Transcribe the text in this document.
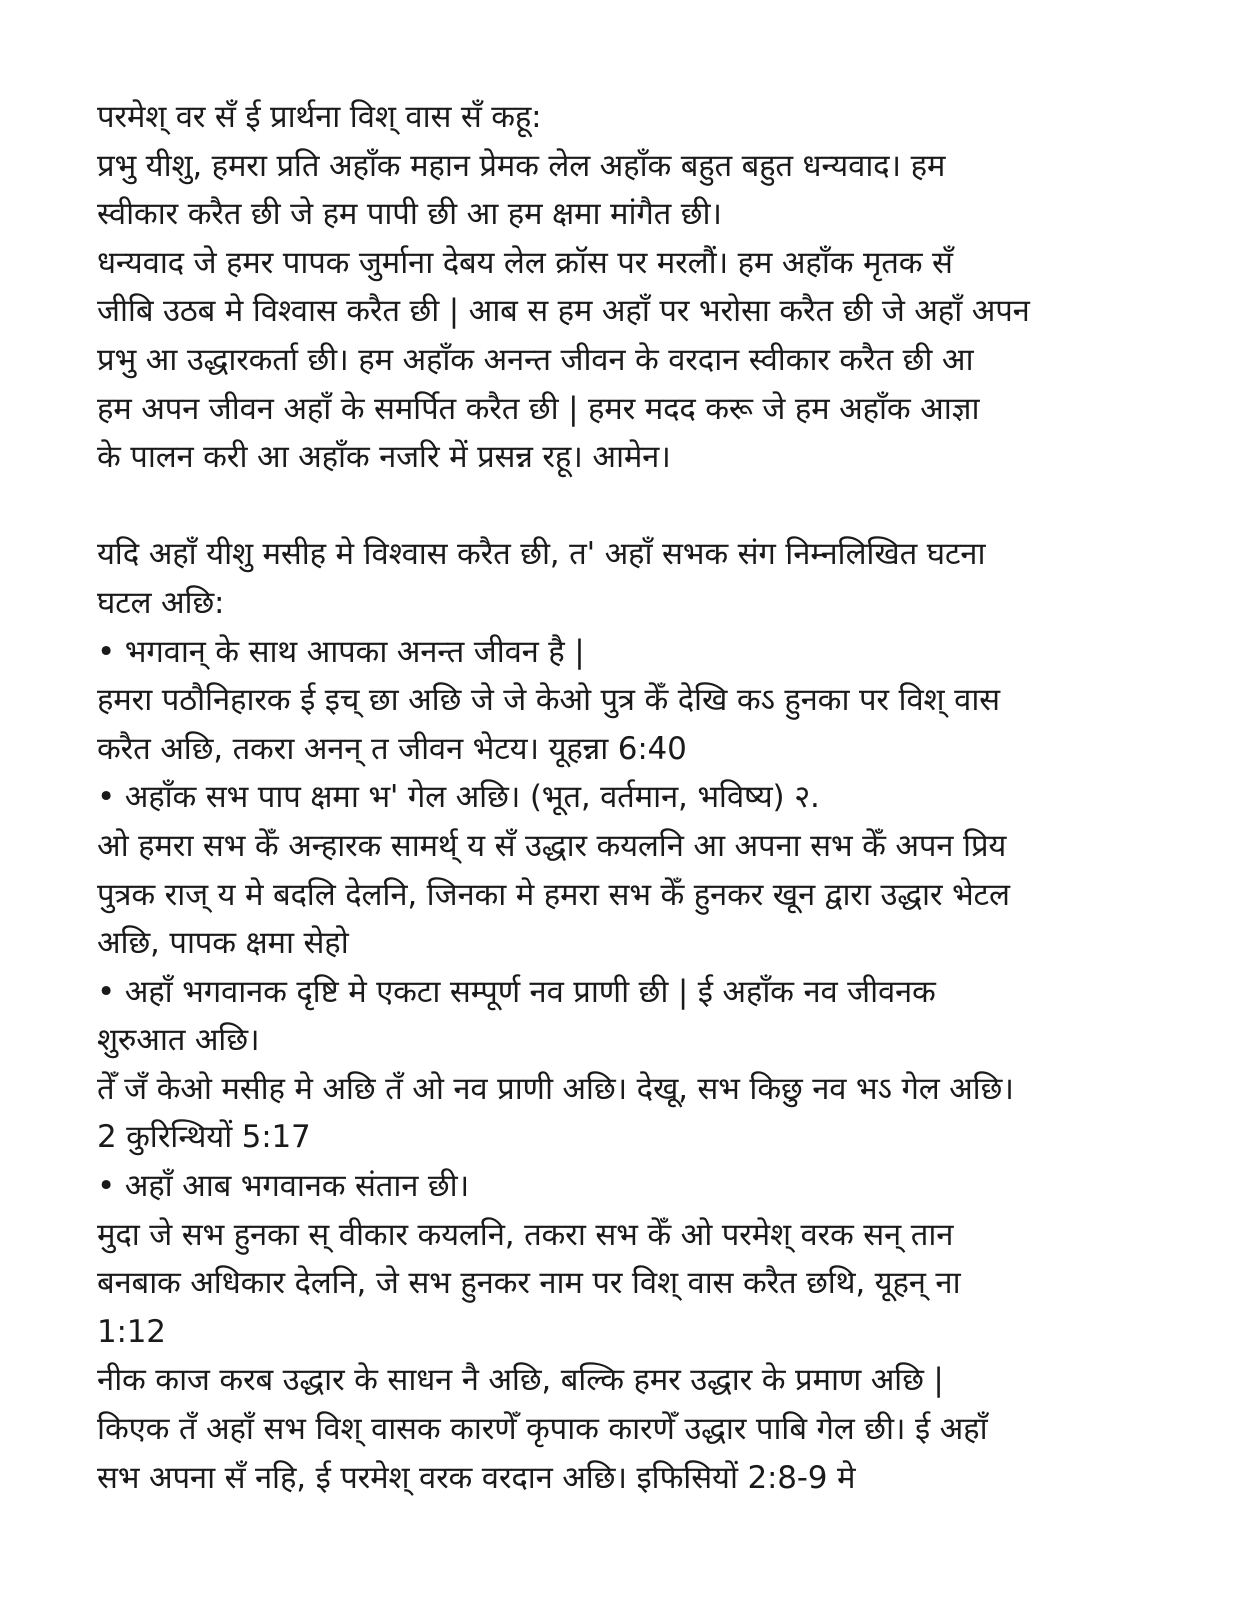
परमेश् वर सँ ई प्रार्थना विश् वास सँ कहू:
प्रभु यीशु, हमरा प्रति अहाँक महान प्रेमक लेल अहाँक बहुत बहुत धन्यवाद। हम
स्वीकार करैत छी जे हम पापी छी आ हम क्षमा मांगैत छी।
धन्यवाद जे हमर पापक जुर्माना देबय लेल क्रॉस पर मरलौं। हम अहाँक मृतक सँ
जीबि उठब मे विश्वास करैत छी | आब स हम अहाँ पर भरोसा करैत छी जे अहाँ अपन
प्रभु आ उद्धारकर्ता छी। हम अहाँक अनन्त जीवन के वरदान स्वीकार करैत छी आ
हम अपन जीवन अहाँ के समर्पित करैत छी | हमर मदद करू जे हम अहाँक आज्ञा
के पालन करी आ अहाँक नजरि में प्रसन्न रहू। आमेन।
यदि अहाँ यीशु मसीह मे विश्वास करैत छी, त' अहाँ सभक संग निम्नलिखित घटना
घटल अछि:
• भगवान् के साथ आपका अनन्त जीवन है |
हमरा पठौनिहारक ई इच् छा अछि जे जे केओ पुत्र केँ देखि कऽ हुनका पर विश् वास
करैत अछि, तकरा अनन् त जीवन भेटय। यूहन्ना 6:40
• अहाँक सभ पाप क्षमा भ' गेल अछि। (भूत, वर्तमान, भविष्य) २.
ओ हमरा सभ केँ अन्हारक सामर्थ् य सँ उद्धार कयलनि आ अपना सभ केँ अपन प्रिय
पुत्रक राज् य मे बदलि देलनि, जिनका मे हमरा सभ केँ हुनकर खून द्वारा उद्धार भेटल
अछि, पापक क्षमा सेहो
• अहाँ भगवानक दृष्टि मे एकटा सम्पूर्ण नव प्राणी छी | ई अहाँक नव जीवनक
शुरुआत अछि।
तेँ जँ केओ मसीह मे अछि तँ ओ नव प्राणी अछि। देखू, सभ किछु नव भऽ गेल अछि।
2 कुरिन्थियों 5:17
• अहाँ आब भगवानक संतान छी।
मुदा जे सभ हुनका स् वीकार कयलनि, तकरा सभ केँ ओ परमेश् वरक सन् तान
बनबाक अधिकार देलनि, जे सभ हुनकर नाम पर विश् वास करैत छथि, यूहन् ना
1:12
नीक काज करब उद्धार के साधन नै अछि, बल्कि हमर उद्धार के प्रमाण अछि |
किएक तँ अहाँ सभ विश् वासक कारणेँ कृपाक कारणेँ उद्धार पाबि गेल छी। ई अहाँ
सभ अपना सँ नहि, ई परमेश् वरक वरदान अछि। इफिसियों 2:8-9 मे
